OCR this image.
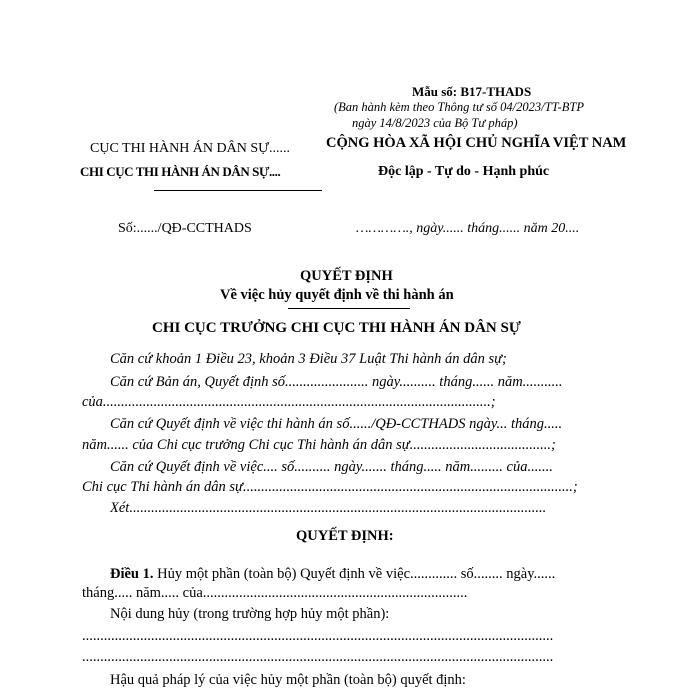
Mẫu số: B17-THADS
(Ban hành kèm theo Thông tư số 04/2023/TT-BTP
ngày 14/8/2023 của Bộ Tư pháp)
CỤC THI HÀNH ÁN DÂN SỰ......
CHI CỤC THI HÀNH ÁN DÂN SỰ....
Số:....../QĐ-CCTHADS
CỘNG HÒA XÃ HỘI CHỦ NGHĨA VIỆT NAM
Độc lập - Tự do - Hạnh phúc
…………., ngày...... tháng...... năm 20....
QUYẾT ĐỊNH
Về việc hủy quyết định về thi hành án
CHI CỤC TRƯỞNG CHI CỤC THI HÀNH ÁN DÂN SỰ
Căn cứ khoản 1 Điều 23, khoản 3 Điều 37 Luật Thi hành án dân sự;
Căn cứ Bản án, Quyết định số....................... ngày.......... tháng...... năm...........
của...........................................................................................................;
Căn cứ Quyết định về việc thi hành án số....../QĐ-CCTHADS ngày... tháng.....
năm...... của Chi cục trưởng Chi cục Thi hành án dân sự.......................................;
Căn cứ Quyết định về việc.... số.......... ngày....... tháng..... năm......... của.......
Chi cục Thi hành án dân sự...........................................................................................;
Xét...................................................................................................................
QUYẾT ĐỊNH:
Điều 1. Hủy một phần (toàn bộ) Quyết định về việc............. số........ ngày......
tháng..... năm..... của.........................................................................
Nội dung hủy (trong trường hợp hủy một phần):
..................................................................................................................................
..................................................................................................................................
Hậu quả pháp lý của việc hủy một phần (toàn bộ) quyết định:
